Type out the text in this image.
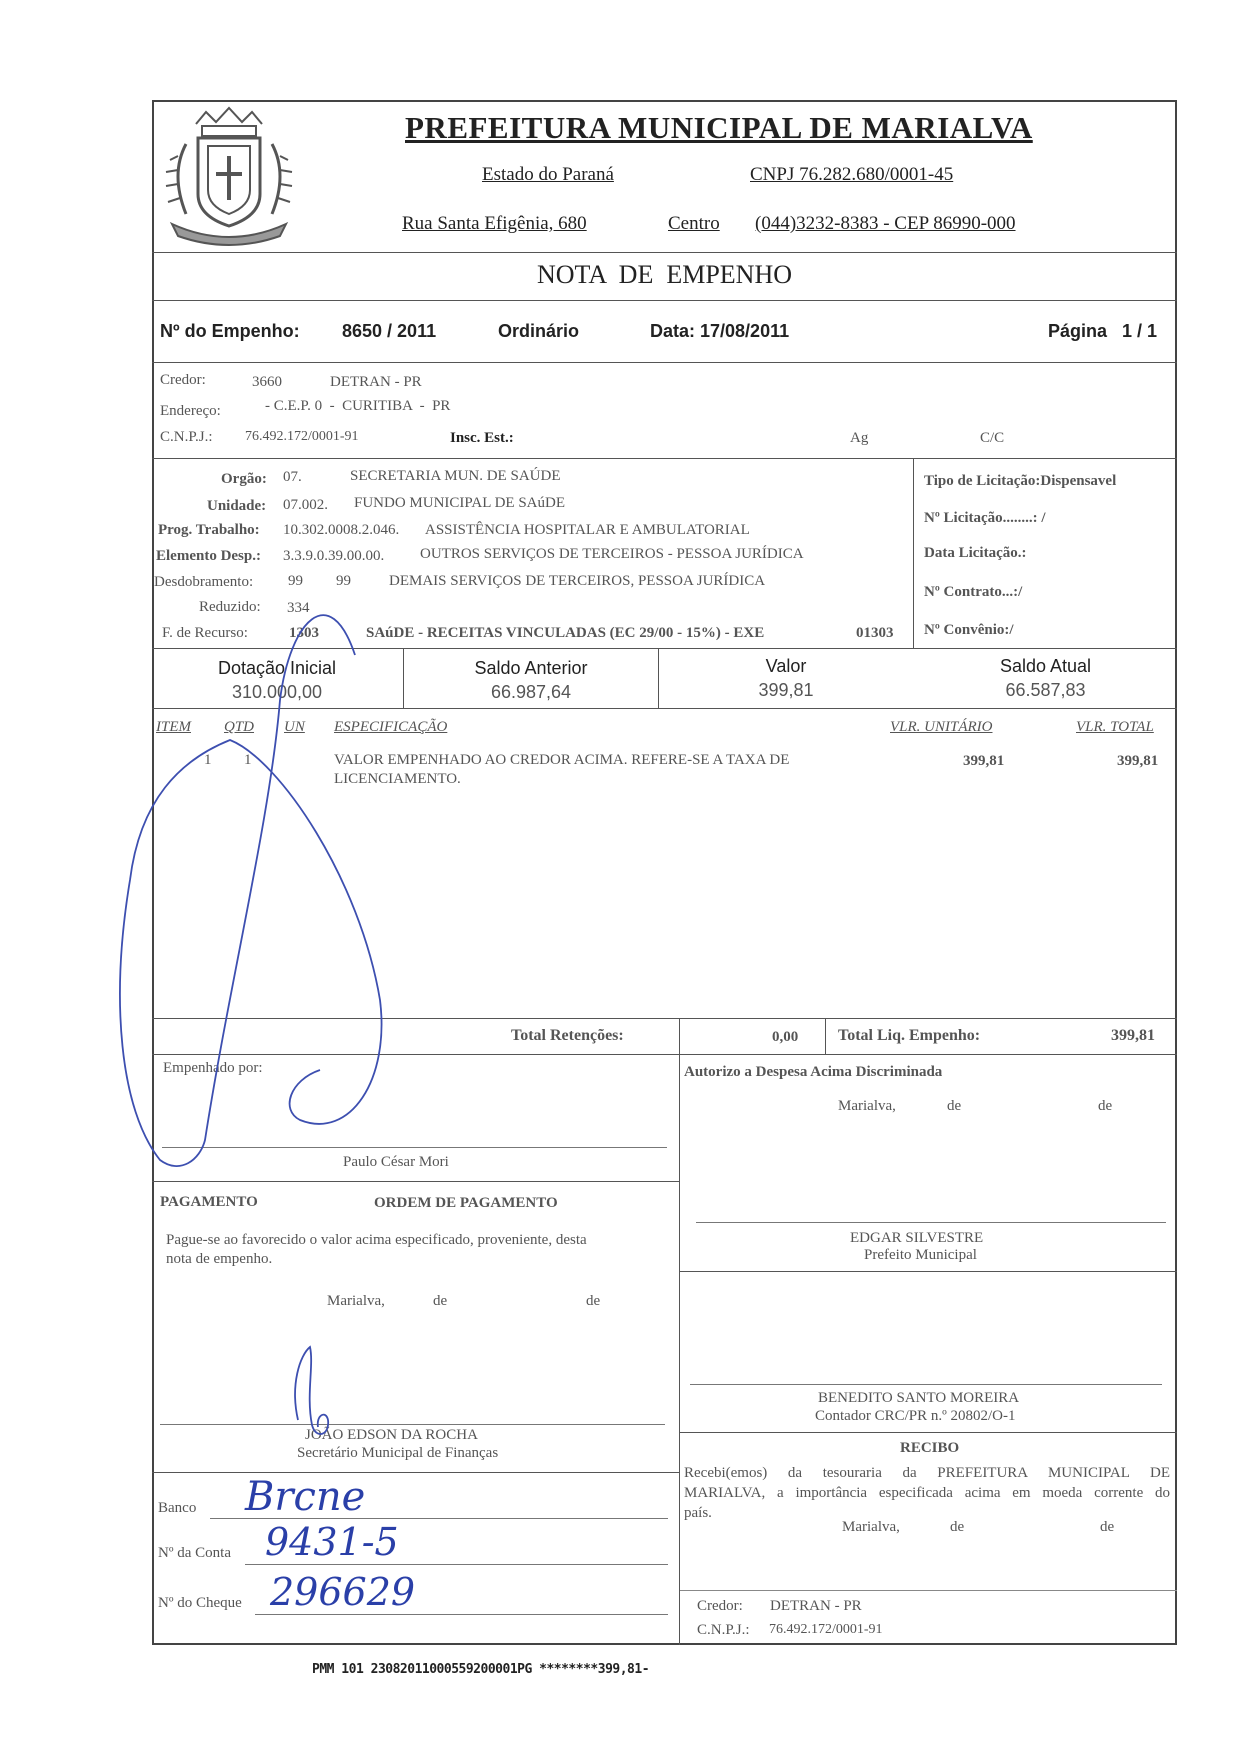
PREFEITURA MUNICIPAL DE MARIALVA
Estado do Paraná	CNPJ 76.282.680/0001-45
Rua Santa Efigênia, 680	Centro (044)3232-8383 - CEP 86990-000
NOTA  DE  EMPENHO
Nº do Empenho: 8650 / 2011	Ordinário	Data: 17/08/2011	Página   1 / 1
Credor:	3660	DETRAN - PR
Endereço:	- C.E.P. 0  -  CURITIBA  -  PR
C.N.P.J.: 76.492.172/0001-91	Insc. Est.:	Ag	C/C
Orgão: 07.	SECRETARIA MUN. DE SAÚDE
Unidade: 07.002. FUNDO MUNICIPAL DE SAúDE
Prog. Trabalho: 10.302.0008.2.046. ASSISTÊNCIA HOSPITALAR E AMBULATORIAL
Elemento Desp.: 3.3.9.0.39.00.00. OUTROS SERVIÇOS DE TERCEIROS - PESSOA JURÍDICA
Desdobramento: 99 99	DEMAIS SERVIÇOS DE TERCEIROS, PESSOA JURÍDICA
Reduzido: 334
F. de Recurso:	1303	SAúDE - RECEITAS VINCULADAS (EC 29/00 - 15%) - EXE	01303
Tipo de Licitação:Dispensavel
Nº Licitação........: /
Data Licitação.:
Nº Contrato...:/
Nº Convênio:/
Dotação Inicial
310.000,00
Saldo Anterior
66.987,64
Valor
399,81
Saldo Atual
66.587,83
ITEM QTD UN ESPECIFICAÇÃO	VLR. UNITÁRIO	VLR. TOTAL
1 1	VALOR EMPENHADO AO CREDOR ACIMA. REFERE-SE A TAXA DE
LICENCIAMENTO.
399,81	399,81
Total Retenções:	0,00 Total Liq. Empenho:	399,81
Empenhado por:
Paulo César Mori
Autorizo a Despesa Acima Discriminada
Marialva,	de	de
EDGAR SILVESTRE
Prefeito Municipal
PAGAMENTO	ORDEM DE PAGAMENTO
Pague-se ao favorecido o valor acima especificado, proveniente, desta
nota de empenho.
Marialva,	de	de
JOÃO EDSON DA ROCHA
Secretário Municipal de Finanças
BENEDITO SANTO MOREIRA
Contador CRC/PR n.º 20802/O-1
RECIBO
Recebi(emos) da tesouraria da PREFEITURA MUNICIPAL DE
MARIALVA, a importância especificada acima em moeda corrente do
país.
Marialva,	de	de
Credor: DETRAN - PR
C.N.P.J.: 76.492.172/0001-91
Banco Brcne
Nº da Conta 9431-5
Nº do Cheque 296629
PMM 101 23082011000559200001PG ********399,81-
